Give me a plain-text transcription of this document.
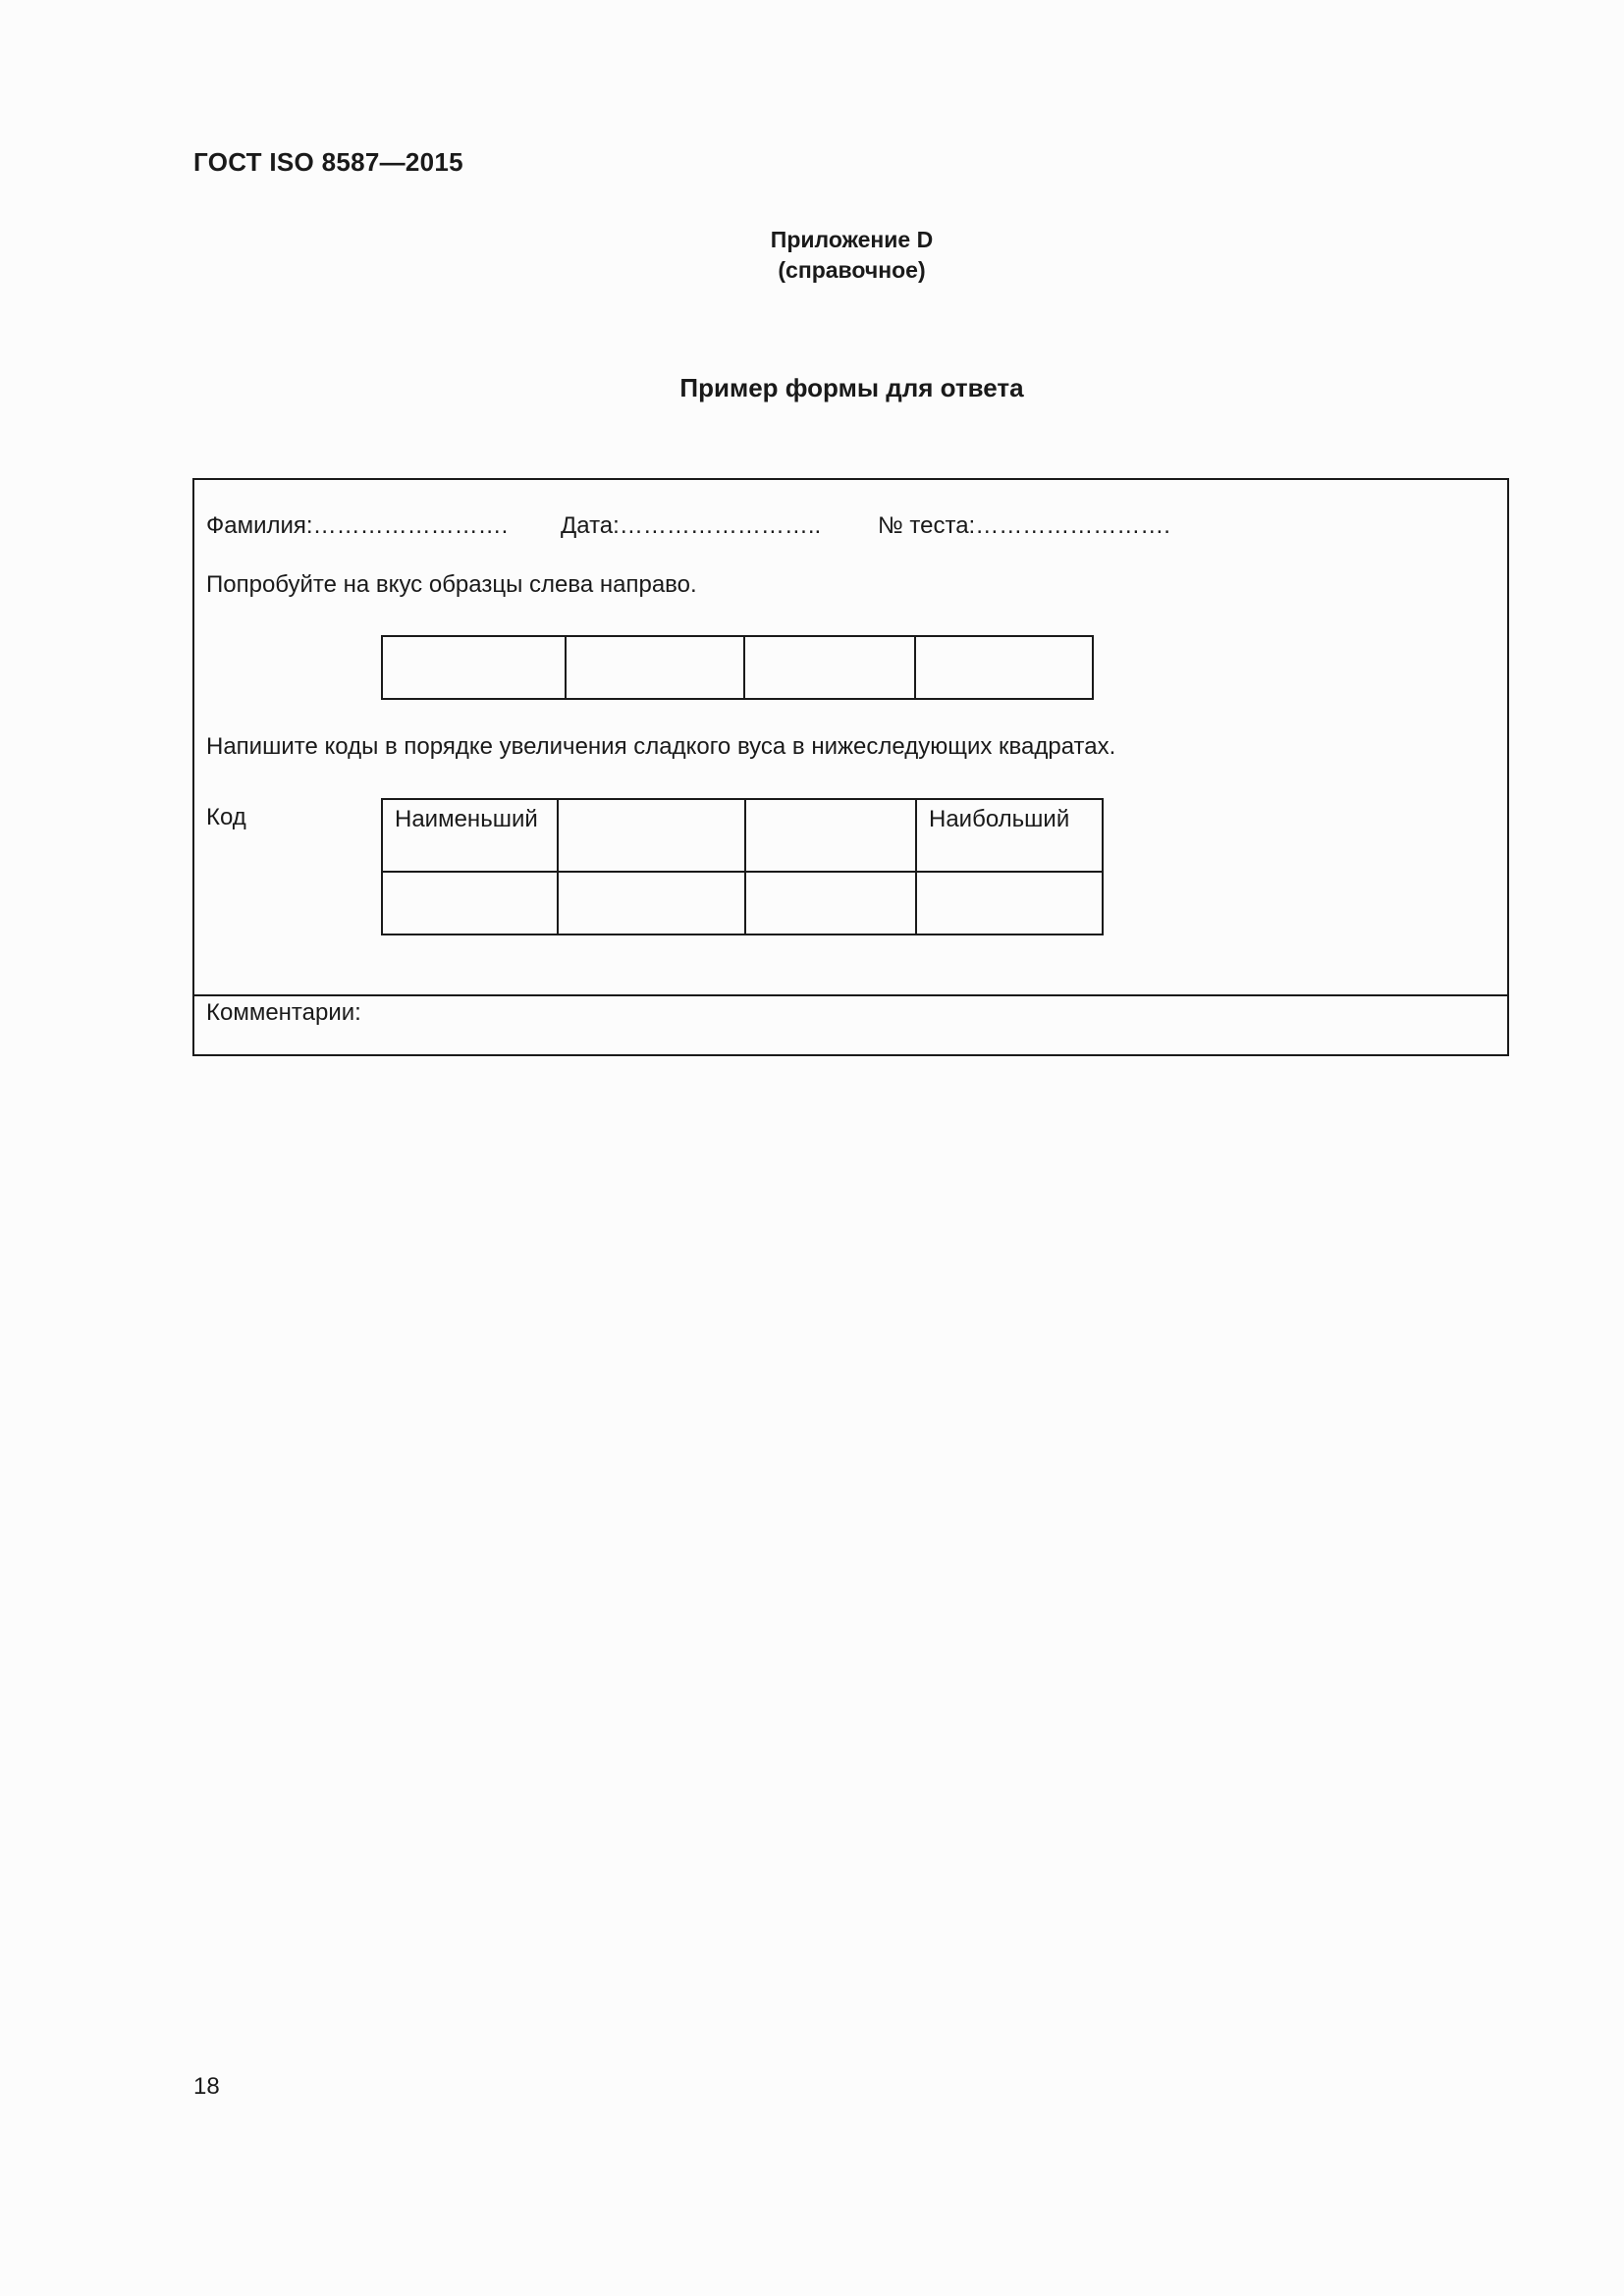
ГОСТ ISO 8587—2015
Приложение D
(справочное)
Пример формы для ответа
Фамилия:……………………. Дата:…………………….. № теста:…………………….
Попробуйте на вкус образцы слева направо.

Напишите коды в порядке увеличения сладкого вуса в нижеследующих квадратах.
Код	Наименьший			Наибольший

Комментарии:
18
